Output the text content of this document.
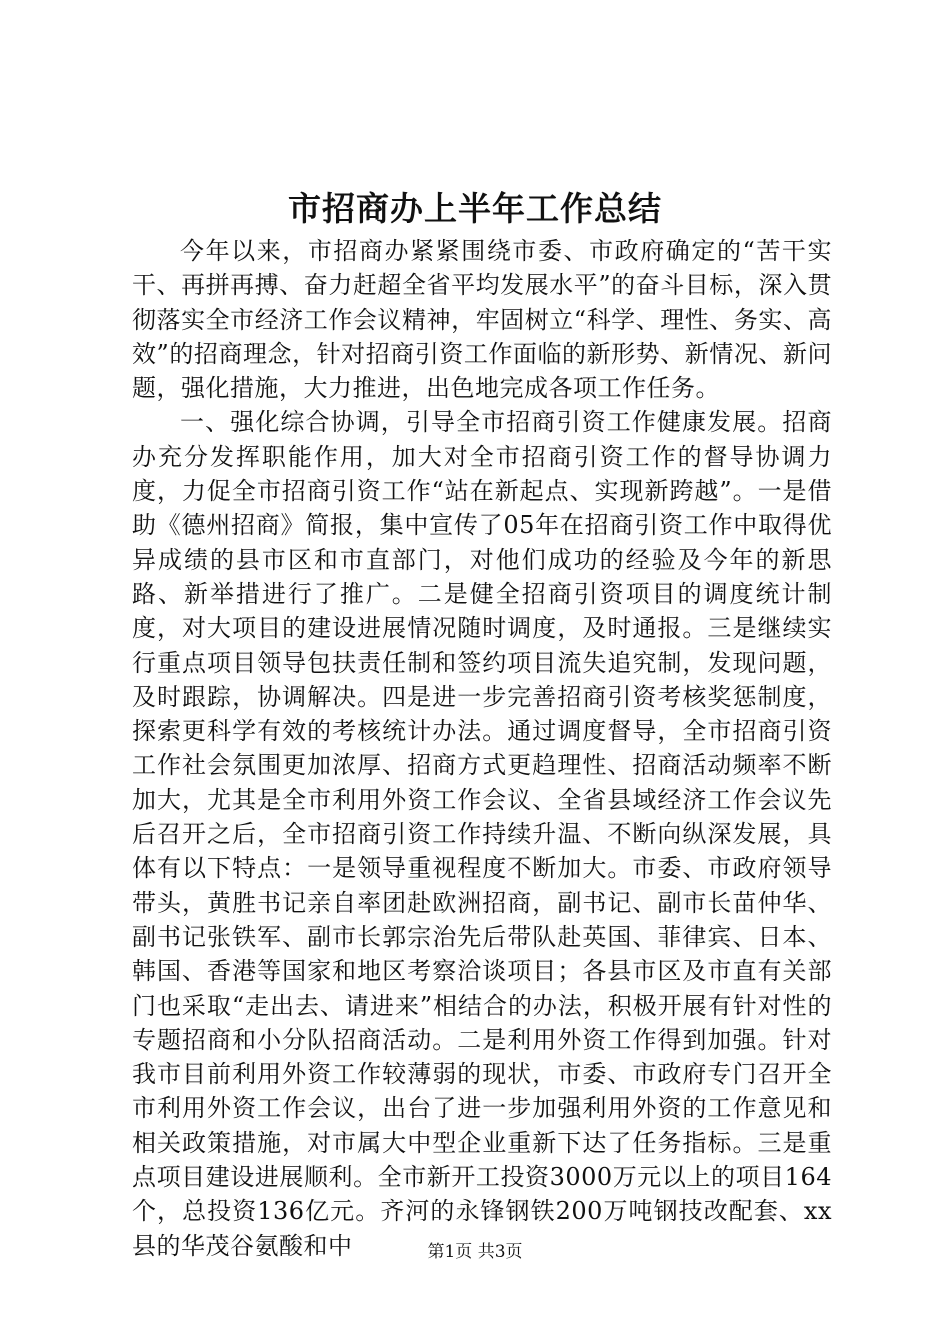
市招商办上半年工作总结

今年以来，市招商办紧紧围绕市委、市政府确定的“苦干实干、再拼再搏、奋力赶超全省平均发展水平”的奋斗目标，深入贯彻落实全市经济工作会议精神，牢固树立“科学、理性、务实、高效”的招商理念，针对招商引资工作面临的新形势、新情况、新问题，强化措施，大力推进，出色地完成各项工作任务。

一、强化综合协调，引导全市招商引资工作健康发展。招商办充分发挥职能作用，加大对全市招商引资工作的督导协调力度，力促全市招商引资工作“站在新起点、实现新跨越”。一是借助《德州招商》简报，集中宣传了05年在招商引资工作中取得优异成绩的县市区和市直部门，对他们成功的经验及今年的新思路、新举措进行了推广。二是健全招商引资项目的调度统计制度，对大项目的建设进展情况随时调度，及时通报。三是继续实行重点项目领导包扶责任制和签约项目流失追究制，发现问题，及时跟踪，协调解决。四是进一步完善招商引资考核奖惩制度，探索更科学有效的考核统计办法。通过调度督导，全市招商引资工作社会氛围更加浓厚、招商方式更趋理性、招商活动频率不断加大，尤其是全市利用外资工作会议、全省县域经济工作会议先后召开之后，全市招商引资工作持续升温、不断向纵深发展，具体有以下特点：一是领导重视程度不断加大。市委、市政府领导带头，黄胜书记亲自率团赴欧洲招商，副书记、副市长苗仲华、副书记张铁军、副市长郭宗治先后带队赴英国、菲律宾、日本、韩国、香港等国家和地区考察洽谈项目；各县市区及市直有关部门也采取“走出去、请进来”相结合的办法，积极开展有针对性的专题招商和小分队招商活动。二是利用外资工作得到加强。针对我市目前利用外资工作较薄弱的现状，市委、市政府专门召开全市利用外资工作会议，出台了进一步加强利用外资的工作意见和相关政策措施，对市属大中型企业重新下达了任务指标。三是重点项目建设进展顺利。全市新开工投资3000万元以上的项目164个，总投资136亿元。齐河的永锋钢铁200万吨钢技改配套、xx县的华茂谷氨酸和中	第1页 共3页
